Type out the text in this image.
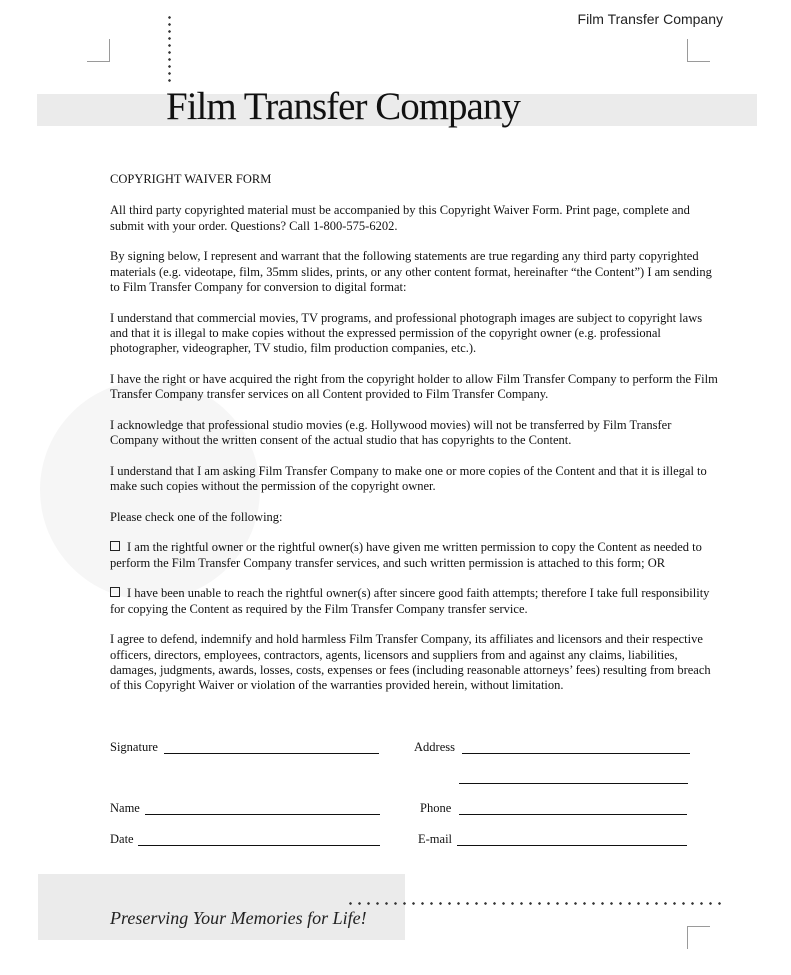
Film Transfer Company
Film Transfer Company

COPYRIGHT WAIVER FORM

All third party copyrighted material must be accompanied by this Copyright Waiver Form. Print page, complete and submit with your order. Questions? Call 1-800-575-6202.

By signing below, I represent and warrant that the following statements are true regarding any third party copyrighted materials (e.g. videotape, film, 35mm slides, prints, or any other content format, hereinafter “the Content”) I am sending to Film Transfer Company for conversion to digital format:

I understand that commercial movies, TV programs, and professional photograph images are subject to copyright laws and that it is illegal to make copies without the expressed permission of the copyright owner (e.g. professional photographer, videographer, TV studio, film production companies, etc.).

I have the right or have acquired the right from the copyright holder to allow Film Transfer Company to perform the Film Transfer Company transfer services on all Content provided to Film Transfer Company.

I acknowledge that professional studio movies (e.g. Hollywood movies) will not be transferred by Film Transfer Company without the written consent of the actual studio that has copyrights to the Content.

I understand that I am asking Film Transfer Company to make one or more copies of the Content and that it is illegal to make such copies without the permission of the copyright owner.

Please check one of the following:

I am the rightful owner or the rightful owner(s) have given me written permission to copy the Content as needed to perform the Film Transfer Company transfer services, and such written permission is attached to this form; OR

I have been unable to reach the rightful owner(s) after sincere good faith attempts; therefore I take full responsibility for copying the Content as required by the Film Transfer Company transfer service.

I agree to defend, indemnify and hold harmless Film Transfer Company, its affiliates and licensors and their respective officers, directors, employees, contractors, agents, licensors and suppliers from and against any claims, liabilities, damages, judgments, awards, losses, costs, expenses or fees (including reasonable attorneys’ fees) resulting from breach of this Copyright Waiver or violation of the warranties provided herein, without limitation.

Signature	Address
Name	Phone
Date	E-mail
Preserving Your Memories for Life!
